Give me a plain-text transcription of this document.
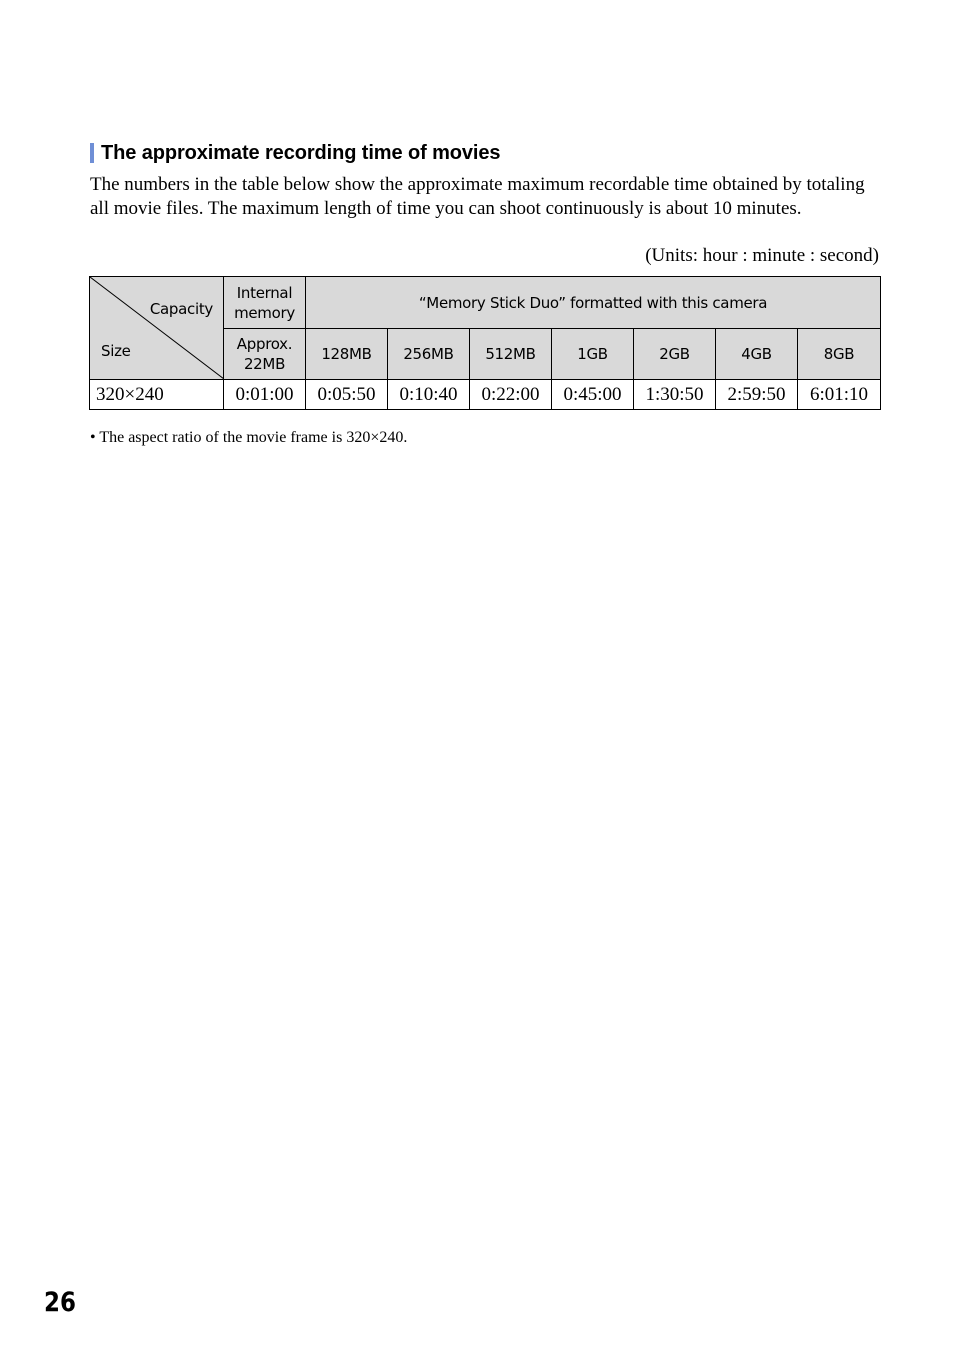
The approximate recording time of movies

The numbers in the table below show the approximate maximum recordable time obtained by totaling all movie files. The maximum length of time you can shoot continuously is about 10 minutes.

(Units: hour : minute : second)
Capacity
Size	Internal memory	“Memory Stick Duo” formatted with this camera						
	Approx. 22MB	128MB	256MB	512MB	1GB	2GB	4GB	8GB
320×240	0:01:00	0:05:50	0:10:40	0:22:00	0:45:00	1:30:50	2:59:50	6:01:10
• The aspect ratio of the movie frame is 320×240.
26
